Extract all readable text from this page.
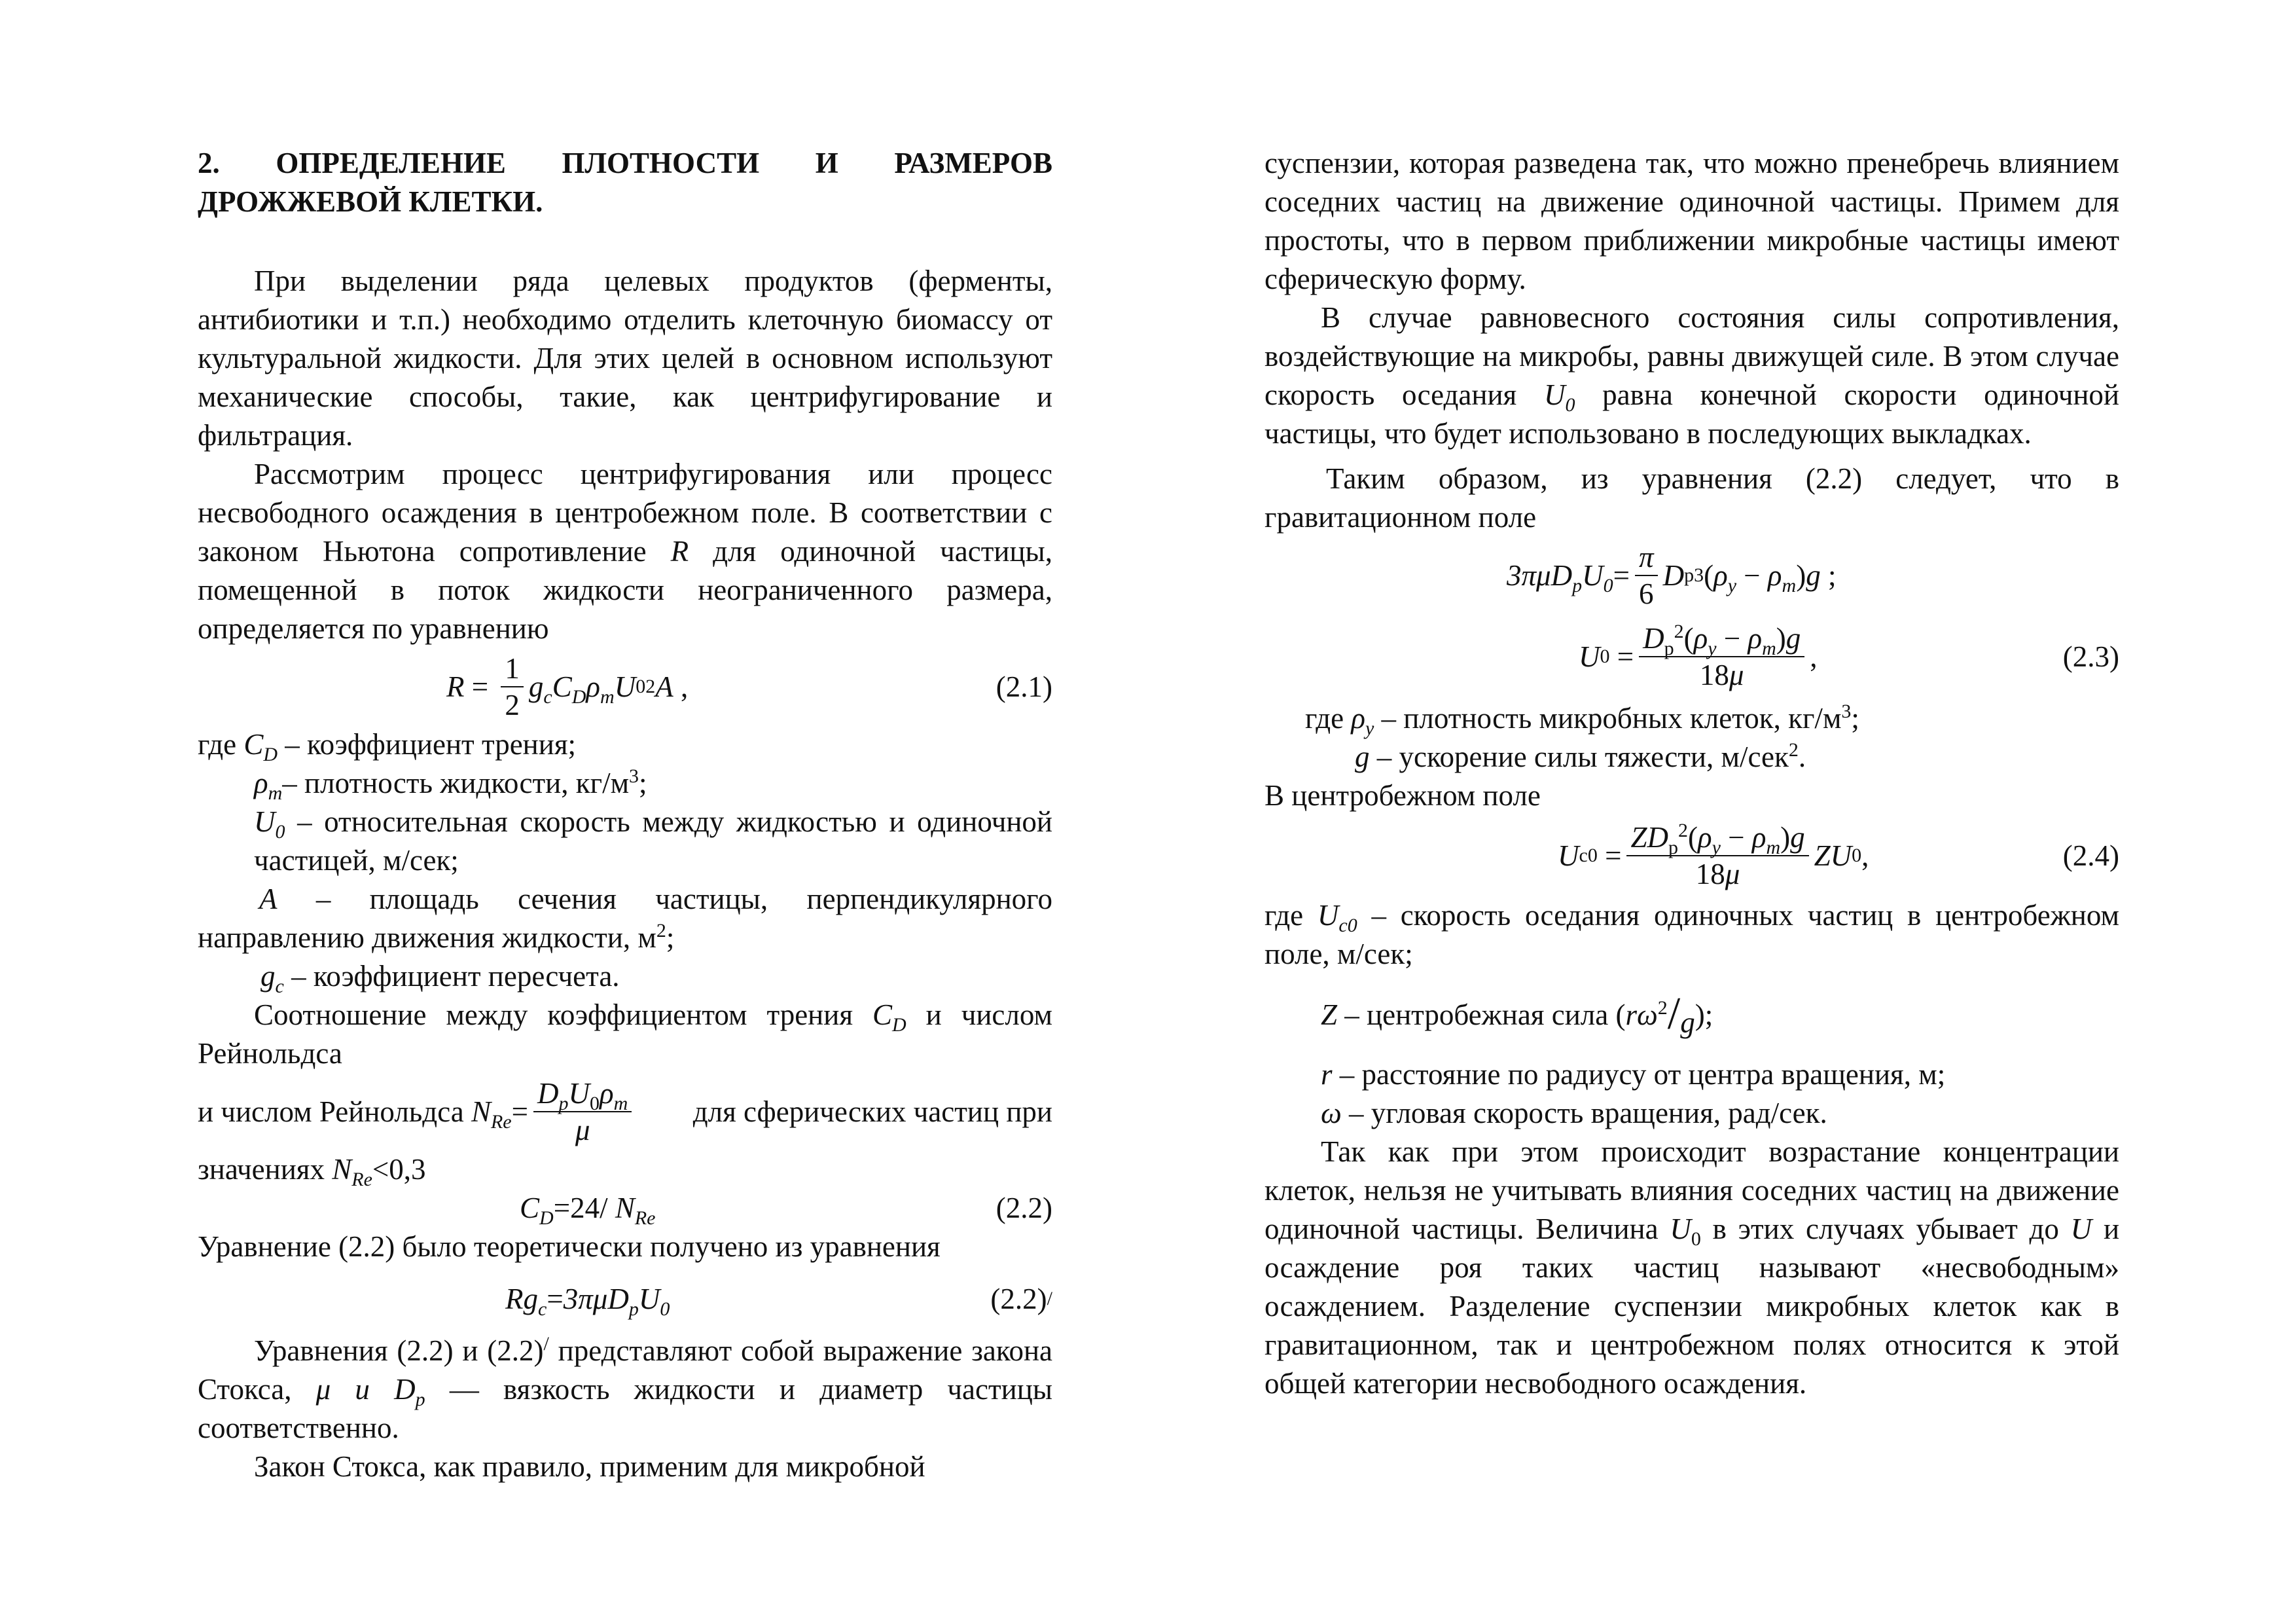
2. ОПРЕДЕЛЕНИЕ ПЛОТНОСТИ И РАЗМЕРОВ ДРОЖЖЕВОЙ КЛЕТКИ.

При выделении ряда целевых продуктов (ферменты, антибиотики и т.п.) необходимо отделить клеточную биомассу от культуральной жидкости. Для этих целей в основном используют механические способы, такие, как центрифугирование и фильтрация.

Рассмотрим процесс центрифугирования или процесс несвободного осаждения в центробежном поле. В соответствии с законом Ньютона сопротивление R для одиночной частицы, помещенной в поток жидкости неограниченного размера, определяется по уравнению

$R = \frac{1}{2} g_cC_D\rho_mU$ 0 2 A ,	(2.1)

где $C_D$ – коэффициент трения;

$\rho_m-$ плотность жидкости, $кг/м^3$;

$U_0$ – относительная скорость между жидкостью и одиночной частицей, м/сек;

A – площадь сечения частицы, перпендикулярного направлению движения жидкости, $м^2$;

$g_c$ – коэффициент пересчета.

Соотношение между коэффициентом трения $C_D$ и числом Рейнольдса

и числом Рейнольдса
$N_{Re} = \frac{D_pU_0\rho_m}{\mu}$ для сферических частиц при

значениях $N_{Re}<0,3$

$C_D =24/$ $N_{Re}$	(2.2)

Уравнение (2.2) было теоретически получено из уравнения

$Rg_c = 3\pi\mu D_pU_0$	(2.2) /

Уравнения (2.2) и (2.2)/ представляют собой выражение закона Стокса, μ и $D_p$ — вязкость жидкости и диаметр частицы соответственно.

Закон Стокса, как правило, применим для микробной

суспензии, которая разведена так, что можно пренебречь влиянием соседних частиц на движение одиночной частицы. Примем для простоты, что в первом приближении микробные частицы имеют сферическую форму.

В случае равновесного состояния силы сопротивления, воздействующие на микробы, равны движущей силе. В этом случае скорость оседания $U_0$ равна конечной скорости одиночной частицы, что будет использовано в последующих выкладках.

Таким образом, из уравнения (2.2) следует, что в гравитационном поле

$3\pi\mu D_pU_0 = \frac{\pi}{6}$ D p 3 ( $\rho_y - \rho_m$ ) g ;
U $0 = \frac{D_p^2(\rho_y - \rho_m)g}{18\mu}$ ,	(2.3)

где $\rho_y$ – плотность микробных клеток, $кг/м^3$;

g – ускорение силы тяжести, м/сек$^2$.

В центробежном поле

U $c0 = \frac{ZD_p^2(\rho_y - \rho_m)g}{18\mu}$ ZU 0 ,	(2.4)

где $U_{c0}$ – скорость оседания одиночных частиц в центробежном поле, м/сек;

Z – центробежная сила $(r\omega^2/g)$;

r – расстояние по радиусу от центра вращения, м;

ω – угловая скорость вращения, рад/сек.

Так как при этом происходит возрастание концентрации клеток, нельзя не учитывать влияния соседних частиц на движение одиночной частицы. Величина $U_0$ в этих случаях убывает до U и осаждение роя таких частиц называют «несвободным» осаждением. Разделение суспензии микробных клеток как в гравитационном, так и центробежном полях относится к этой общей категории несвободного осаждения.
